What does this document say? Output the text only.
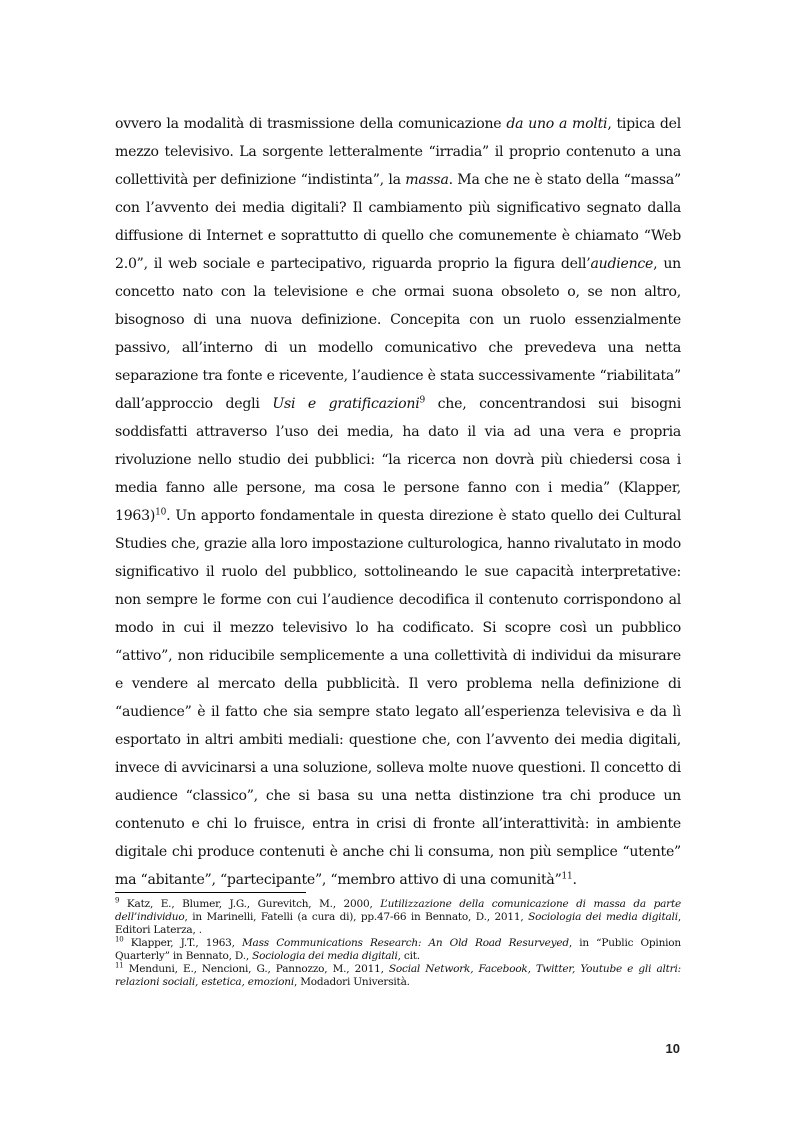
ovvero la modalità di trasmissione della comunicazione da uno a molti, tipica del mezzo televisivo. La sorgente letteralmente “irradia” il proprio contenuto a una collettività per definizione “indistinta”, la massa. Ma che ne è stato della “massa” con l’avvento dei media digitali? Il cambiamento più significativo segnato dalla diffusione di Internet e soprattutto di quello che comunemente è chiamato “Web 2.0”, il web sociale e partecipativo, riguarda proprio la figura dell’audience, un concetto nato con la televisione e che ormai suona obsoleto o, se non altro, bisognoso di una nuova definizione. Concepita con un ruolo essenzialmente passivo, all’interno di un modello comunicativo che prevedeva una netta separazione tra fonte e ricevente, l’audience è stata successivamente “riabilitata” dall’approccio degli Usi e gratificazioni$^9$ che, concentrandosi sui bisogni soddisfatti attraverso l’uso dei media, ha dato il via ad una vera e propria rivoluzione nello studio dei pubblici: “la ricerca non dovrà più chiedersi cosa i media fanno alle persone, ma cosa le persone fanno con i media” (Klapper, 1963)$^{10}$. Un apporto fondamentale in questa direzione è stato quello dei Cultural Studies che, grazie alla loro impostazione culturologica, hanno rivalutato in modo significativo il ruolo del pubblico, sottolineando le sue capacità interpretative: non sempre le forme con cui l’audience decodifica il contenuto corrispondono al modo in cui il mezzo televisivo lo ha codificato. Si scopre così un pubblico “attivo”, non riducibile semplicemente a una collettività di individui da misurare e vendere al mercato della pubblicità. Il vero problema nella definizione di “audience” è il fatto che sia sempre stato legato all’esperienza televisiva e da lì esportato in altri ambiti mediali: questione che, con l’avvento dei media digitali, invece di avvicinarsi a una soluzione, solleva molte nuove questioni. Il concetto di audience “classico”, che si basa su una netta distinzione tra chi produce un contenuto e chi lo fruisce, entra in crisi di fronte all’interattività: in ambiente digitale chi produce contenuti è anche chi li consuma, non più semplice “utente” ma “abitante”, “partecipante”, “membro attivo di una comunità”$^{11}$.

$^9$ Katz, E., Blumer, J.G., Gurevitch, M., 2000, L’utilizzazione della comunicazione di massa da parte dell’individuo, in Marinelli, Fatelli (a cura di), pp.47-66 in Bennato, D., 2011, Sociologia dei media digitali, Editori Laterza, .

$^{10}$ Klapper, J.T., 1963, Mass Communications Research: An Old Road Resurveyed, in “Public Opinion Quarterly” in Bennato, D., Sociologia dei media digitali, cit.

$^{11}$ Menduni, E., Nencioni, G., Pannozzo, M., 2011, Social Network, Facebook, Twitter, Youtube e gli altri: relazioni sociali, estetica, emozioni, Modadori Università.

10
